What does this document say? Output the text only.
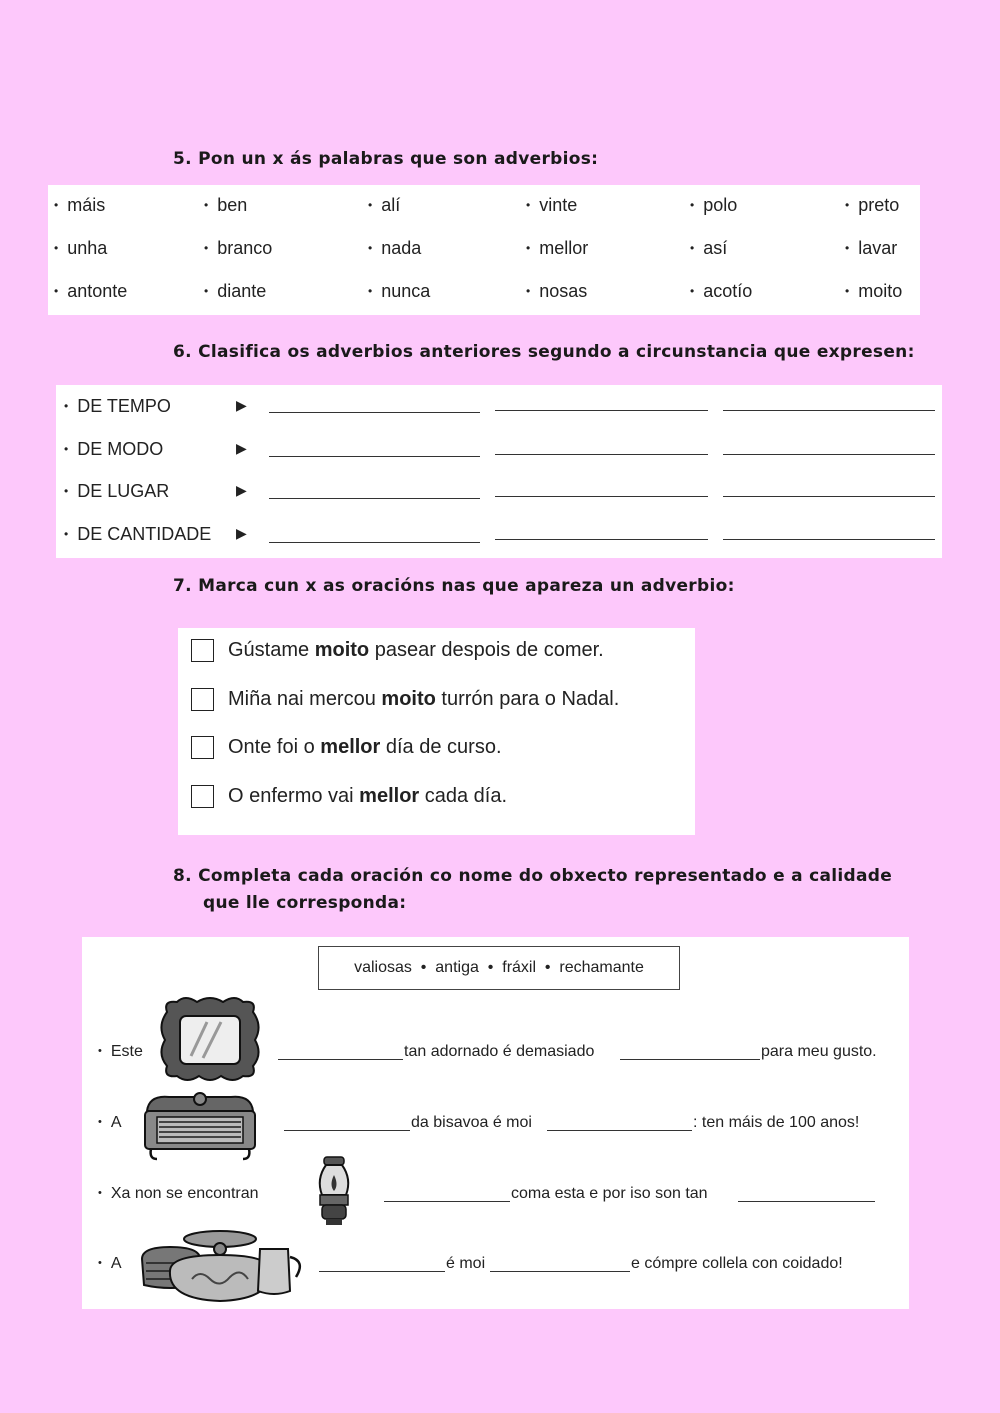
5. Pon un x ás palabras que son adverbios:
• máis	• ben	• alí	• vinte	• polo	• preto
• unha	• branco	• nada	• mellor	• así	• lavar
• antonte	• diante	• nunca	• nosas	• acotío	• moito
6. Clasifica os adverbios anteriores segundo a circunstancia que expresen:
• DE TEMPO	▶
• DE MODO	▶
• DE LUGAR	▶
• DE CANTIDADE ▶
7. Marca cun x as oracións nas que apareza un adverbio:
Gústame moito pasear despois de comer.
Miña nai mercou moito turrón para o Nadal.
Onte foi o mellor día de curso.
O enfermo vai mellor cada día.
8. Completa cada oración co nome do obxecto representado e a calidade
que lle corresponda:
valiosas  •  antiga  •  fráxil  •  rechamante
• Este	tan adornado é demasiado	para meu gusto.
• A	da bisavoa é moi	: ten máis de 100 anos!
• Xa non se encontran	coma esta e por iso son tan
• A	é moi	e cómpre collela con coidado!
